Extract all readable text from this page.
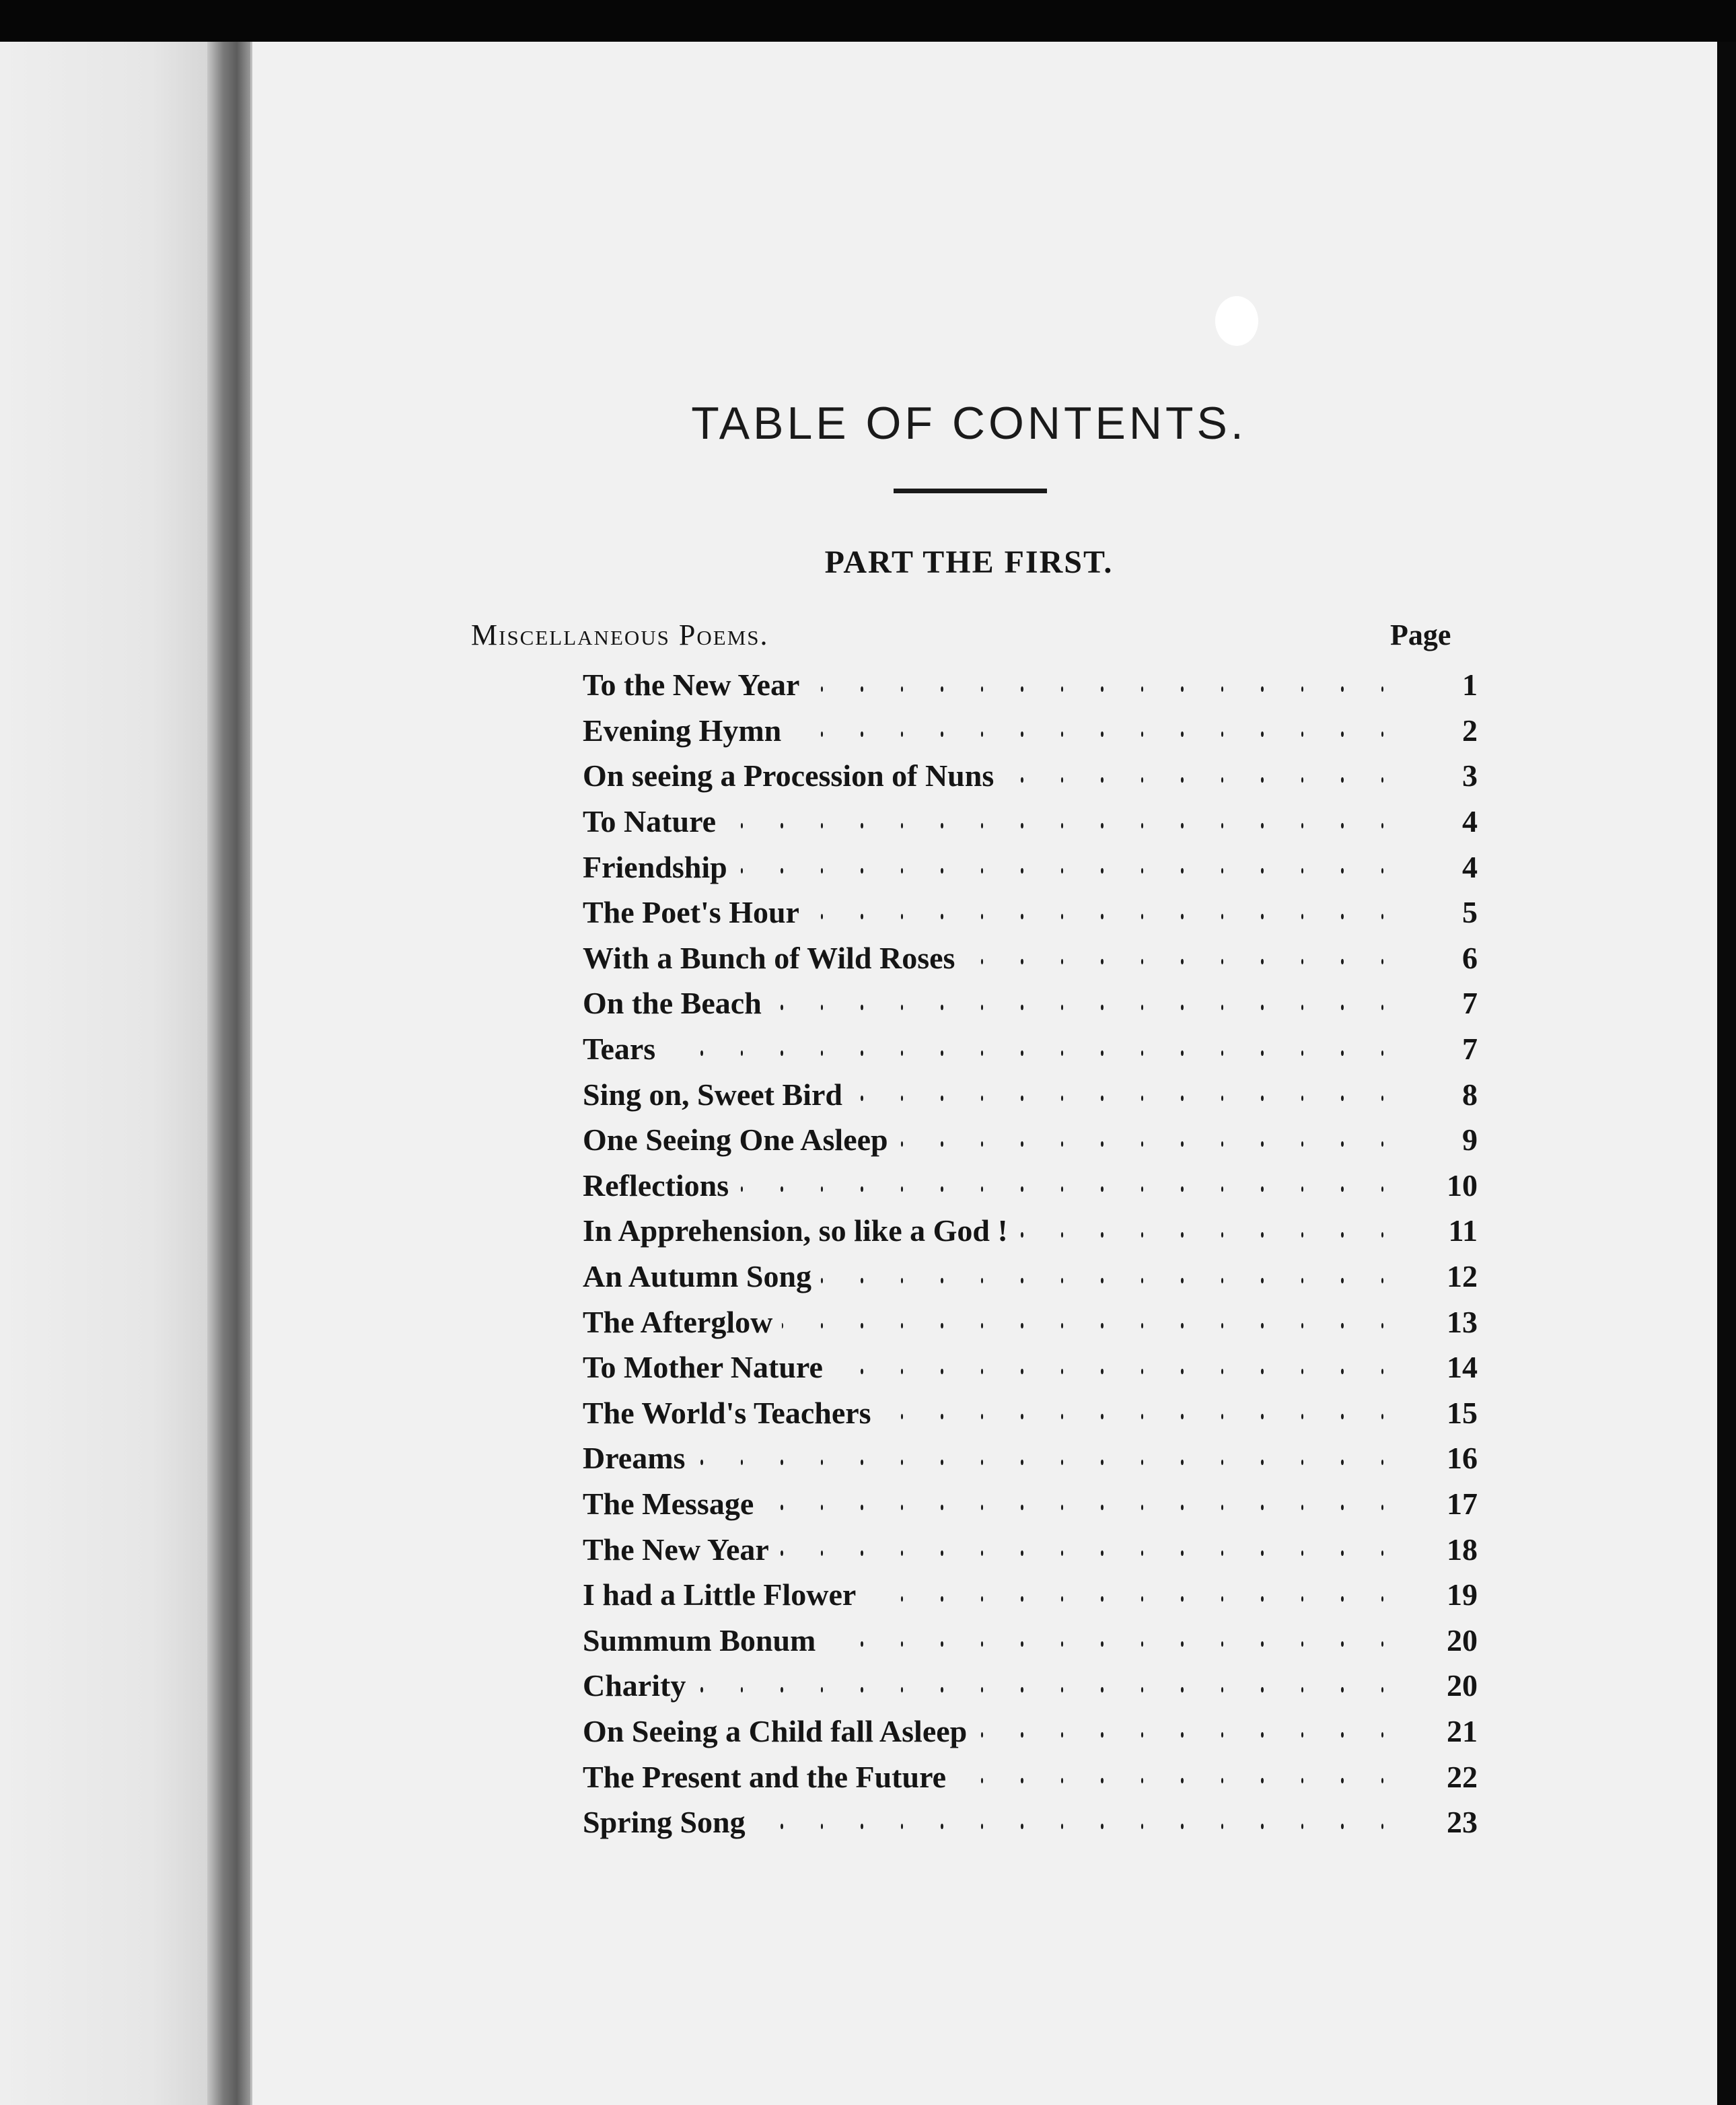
TABLE OF CONTENTS.
PART THE FIRST.
Miscellaneous Poems.	Page
To the New Year	1
Evening Hymn	2
On seeing a Procession of Nuns	3
To Nature	4
Friendship	4
The Poet's Hour	5
With a Bunch of Wild Roses	6
On the Beach	7
Tears	7
Sing on, Sweet Bird	8
One Seeing One Asleep	9
Reflections	10
In Apprehension, so like a God !	11
An Autumn Song	12
The Afterglow	13
To Mother Nature	14
The World's Teachers	15
Dreams	16
The Message	17
The New Year	18
I had a Little Flower	19
Summum Bonum	20
Charity	20
On Seeing a Child fall Asleep	21
The Present and the Future	22
Spring Song	23
